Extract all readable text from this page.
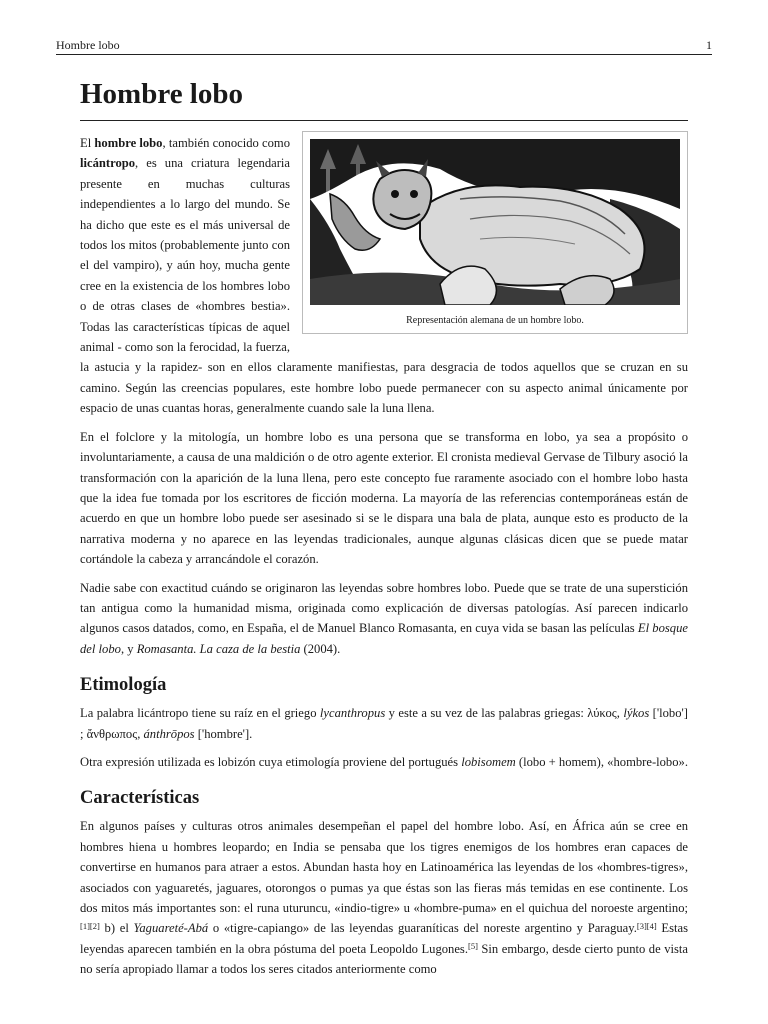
Hombre lobo	1
Hombre lobo
Representación alemana de un hombre lobo.

El hombre lobo, también conocido como licántropo, es una criatura legendaria presente en muchas culturas independientes a lo largo del mundo. Se ha dicho que este es el más universal de todos los mitos (probablemente junto con el del vampiro), y aún hoy, mucha gente cree en la existencia de los hombres lobo o de otras clases de «hombres bestia». Todas las características típicas de aquel animal - como son la ferocidad, la fuerza, la astucia y la rapidez- son en ellos claramente manifiestas, para desgracia de todos aquellos que se cruzan en su camino. Según las creencias populares, este hombre lobo puede permanecer con su aspecto animal únicamente por espacio de unas cuantas horas, generalmente cuando sale la luna llena.

En el folclore y la mitología, un hombre lobo es una persona que se transforma en lobo, ya sea a propósito o involuntariamente, a causa de una maldición o de otro agente exterior. El cronista medieval Gervase de Tilbury asoció la transformación con la aparición de la luna llena, pero este concepto fue raramente asociado con el hombre lobo hasta que la idea fue tomada por los escritores de ficción moderna. La mayoría de las referencias contemporáneas están de acuerdo en que un hombre lobo puede ser asesinado si se le dispara una bala de plata, aunque esto es producto de la narrativa moderna y no aparece en las leyendas tradicionales, aunque algunas clásicas dicen que se puede matar cortándole la cabeza y arrancándole el corazón.

Nadie sabe con exactitud cuándo se originaron las leyendas sobre hombres lobo. Puede que se trate de una superstición tan antigua como la humanidad misma, originada como explicación de diversas patologías. Así parecen indicarlo algunos casos datados, como, en España, el de Manuel Blanco Romasanta, en cuya vida se basan las películas El bosque del lobo, y Romasanta. La caza de la bestia (2004).

Etimología

La palabra licántropo tiene su raíz en el griego lycanthropus y este a su vez de las palabras griegas: λύκος, lýkos ['lobo'] ; ἄνθρωπος, ánthrōpos ['hombre'].

Otra expresión utilizada es lobizón cuya etimología proviene del portugués lobisomem (lobo + homem), «hombre-lobo».

Características

En algunos países y culturas otros animales desempeñan el papel del hombre lobo. Así, en África aún se cree en hombres hiena u hombres leopardo; en India se pensaba que los tigres enemigos de los hombres eran capaces de convertirse en humanos para atraer a estos. Abundan hasta hoy en Latinoamérica las leyendas de los «hombres-tigres», asociados con yaguaretés, jaguares, otorongos o pumas ya que éstas son las fieras más temidas en ese continente. Los dos mitos más importantes son: el runa uturuncu, «indio-tigre» u «hombre-puma» en el quichua del noroeste argentino;[1][2] b) el Yaguareté-Abá o «tigre-capiango» de las leyendas guaraníticas del noreste argentino y Paraguay.[3][4] Estas leyendas aparecen también en la obra póstuma del poeta Leopoldo Lugones.[5] Sin embargo, desde cierto punto de vista no sería apropiado llamar a todos los seres citados anteriormente como
